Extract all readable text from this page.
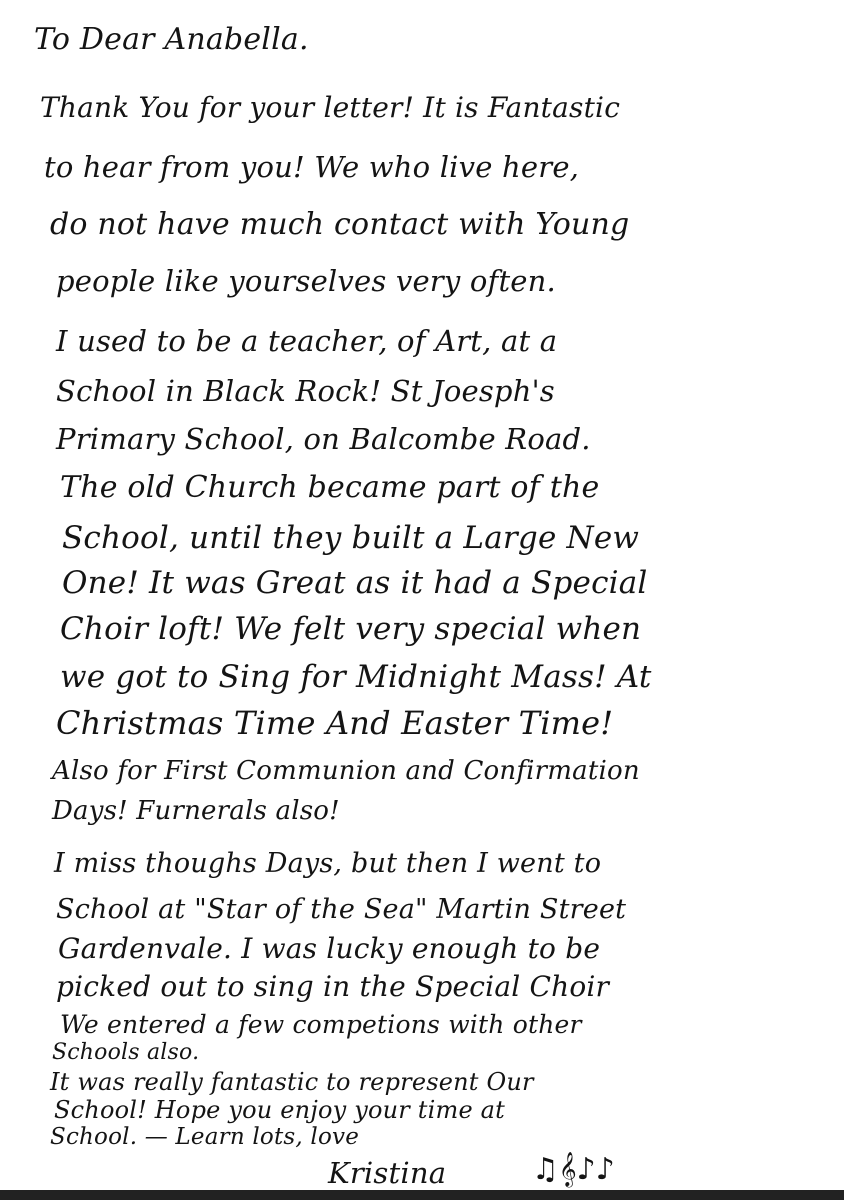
To Dear Anabella.
Thank You for your letter! It is Fantastic
to hear from you! We who live here,
do not have much contact with Young
people like yourselves very often.
I used to be a teacher, of Art, at a
School in Black Rock! St Joesph's
Primary School, on Balcombe Road.
The old Church became part of the
School, until they built a Large New
One! It was Great as it had a Special
Choir loft! We felt very special when
we got to Sing for Midnight Mass! At
Christmas Time And Easter Time!
Also for First Communion and Confirmation
Days! Furnerals also!
I miss thoughs Days, but then I went to
School at "Star of the Sea" Martin Street
Gardenvale. I was lucky enough to be
picked out to sing in the Special Choir
We entered a few competions with other
Schools also.
It was really fantastic to represent Our
School! Hope you enjoy your time at
School. — Learn lots, love
Kristina	♫𝄞♪♪
